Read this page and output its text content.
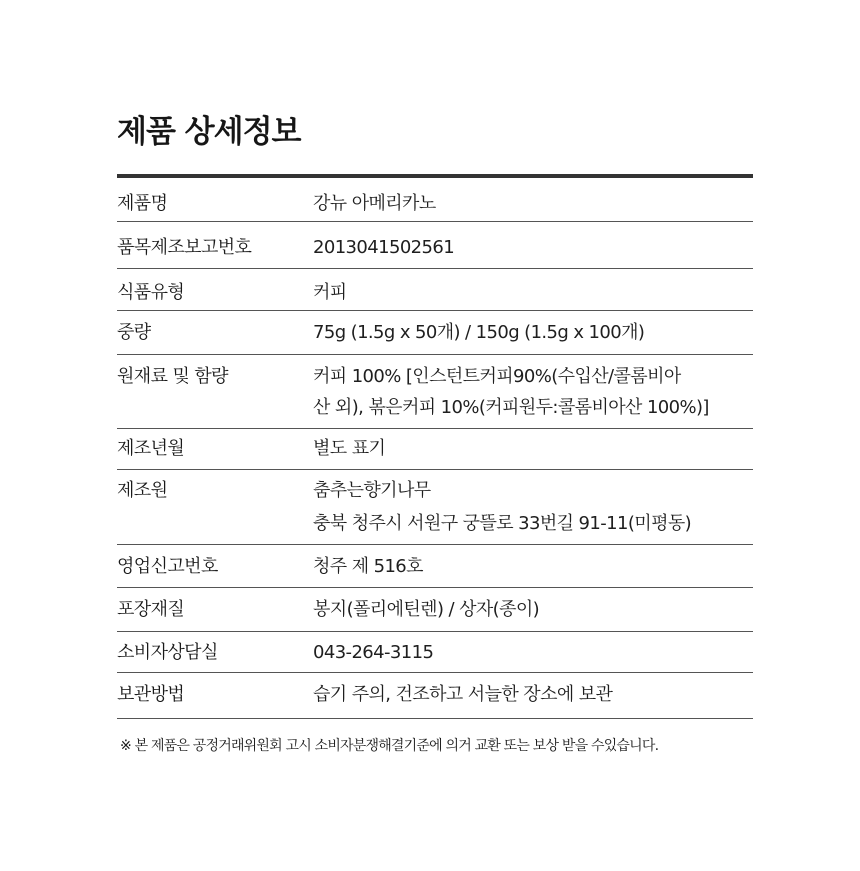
제품 상세정보
제품명	강뉴 아메리카노

품목제조보고번호	2013041502561

식품유형	커피

중량	75g (1.5g x 50개) / 150g (1.5g x 100개)

원재료 및 함량	커피 100% [인스턴트커피90%(수입산/콜롬비아
산 외), 볶은커피 10%(커피원두:콜롬비아산 100%)]

제조년월	별도 표기

제조원	춤추는향기나무
충북 청주시 서원구 궁뜰로 33번길 91-11(미평동)

영업신고번호	청주 제 516호

포장재질	봉지(폴리에틴렌) / 상자(종이)

소비자상담실	043-264-3115

보관방법	습기 주의, 건조하고 서늘한 장소에 보관

※ 본 제품은 공정거래위원회 고시 소비자분쟁해결기준에 의거 교환 또는 보상 받을 수있습니다.
